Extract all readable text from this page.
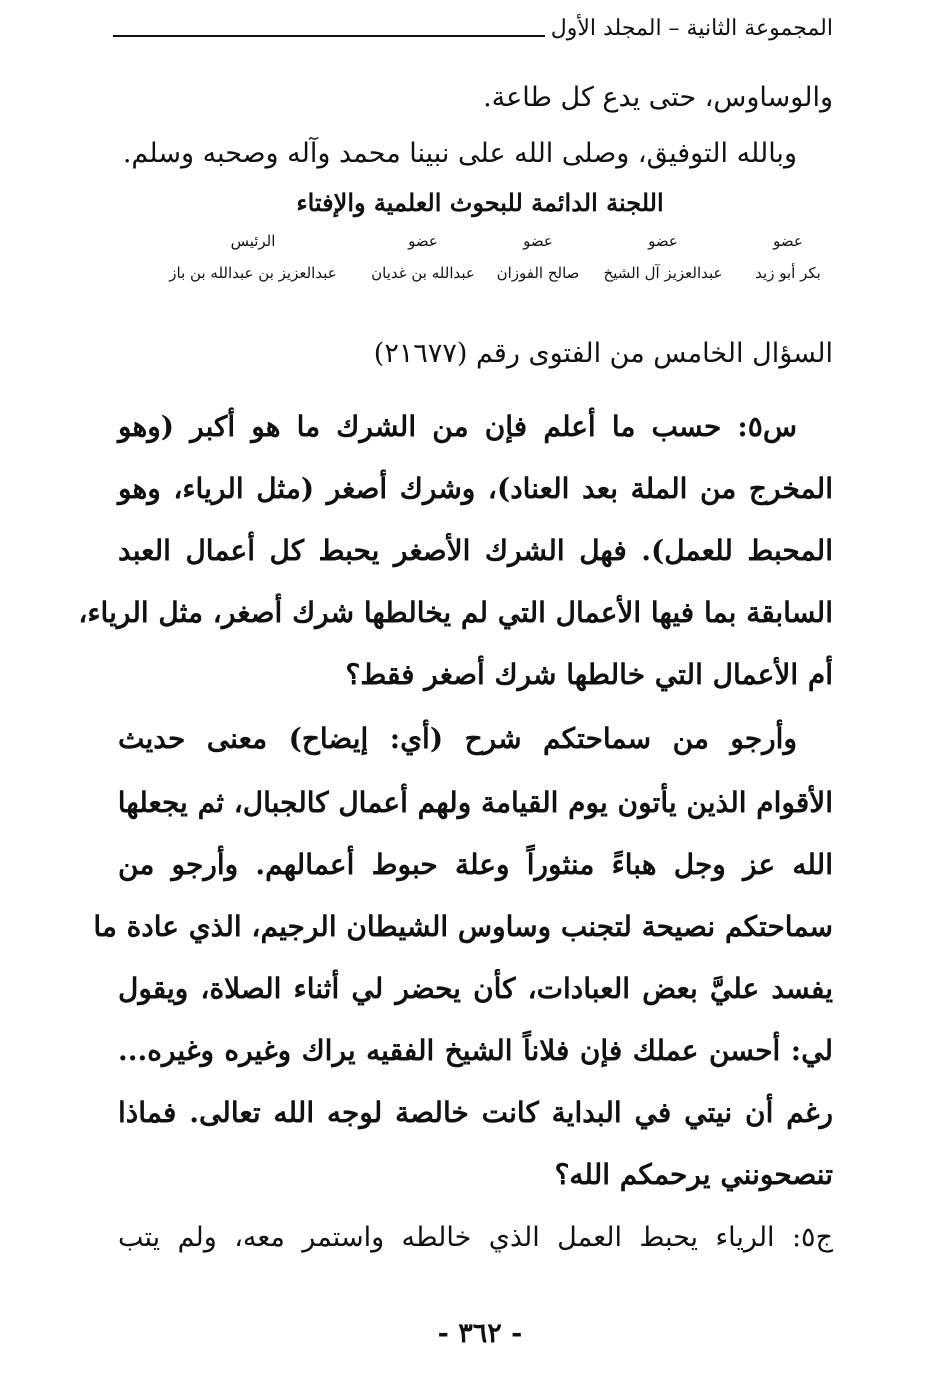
المجموعة الثانية – المجلد الأول
والوساوس، حتى يدع كل طاعة.
وبالله التوفيق، وصلى الله على نبينا محمد وآله وصحبه وسلم.
اللجنة الدائمة للبحوث العلمية والإفتاء
عضو
بكر أبو زيد
عضو
عبدالعزيز آل الشيخ
عضو
صالح الفوزان
عضو
عبدالله بن غديان
الرئيس
عبدالعزيز بن عبدالله بن باز
السؤال الخامس من الفتوى رقم (٢١٦٧٧)
س٥: حسب ما أعلم فإن من الشرك ما هو أكبر (وهو
المخرج من الملة بعد العناد)، وشرك أصغر (مثل الرياء، وهو
المحبط للعمل). فهل الشرك الأصغر يحبط كل أعمال العبد
السابقة بما فيها الأعمال التي لم يخالطها شرك أصغر، مثل الرياء،
أم الأعمال التي خالطها شرك أصغر فقط؟
وأرجو من سماحتكم شرح (أي: إيضاح) معنى حديث
الأقوام الذين يأتون يوم القيامة ولهم أعمال كالجبال، ثم يجعلها
الله عز وجل هباءً منثوراً وعلة حبوط أعمالهم. وأرجو من
سماحتكم نصيحة لتجنب وساوس الشيطان الرجيم، الذي عادة ما
يفسد عليَّ بعض العبادات، كأن يحضر لي أثناء الصلاة، ويقول
لي: أحسن عملك فإن فلاناً الشيخ الفقيه يراك وغيره وغيره...
رغم أن نيتي في البداية كانت خالصة لوجه الله تعالى. فماذا
تنصحونني يرحمكم الله؟
ج٥: الرياء يحبط العمل الذي خالطه واستمر معه، ولم يتب
- ٣٦٢ -
